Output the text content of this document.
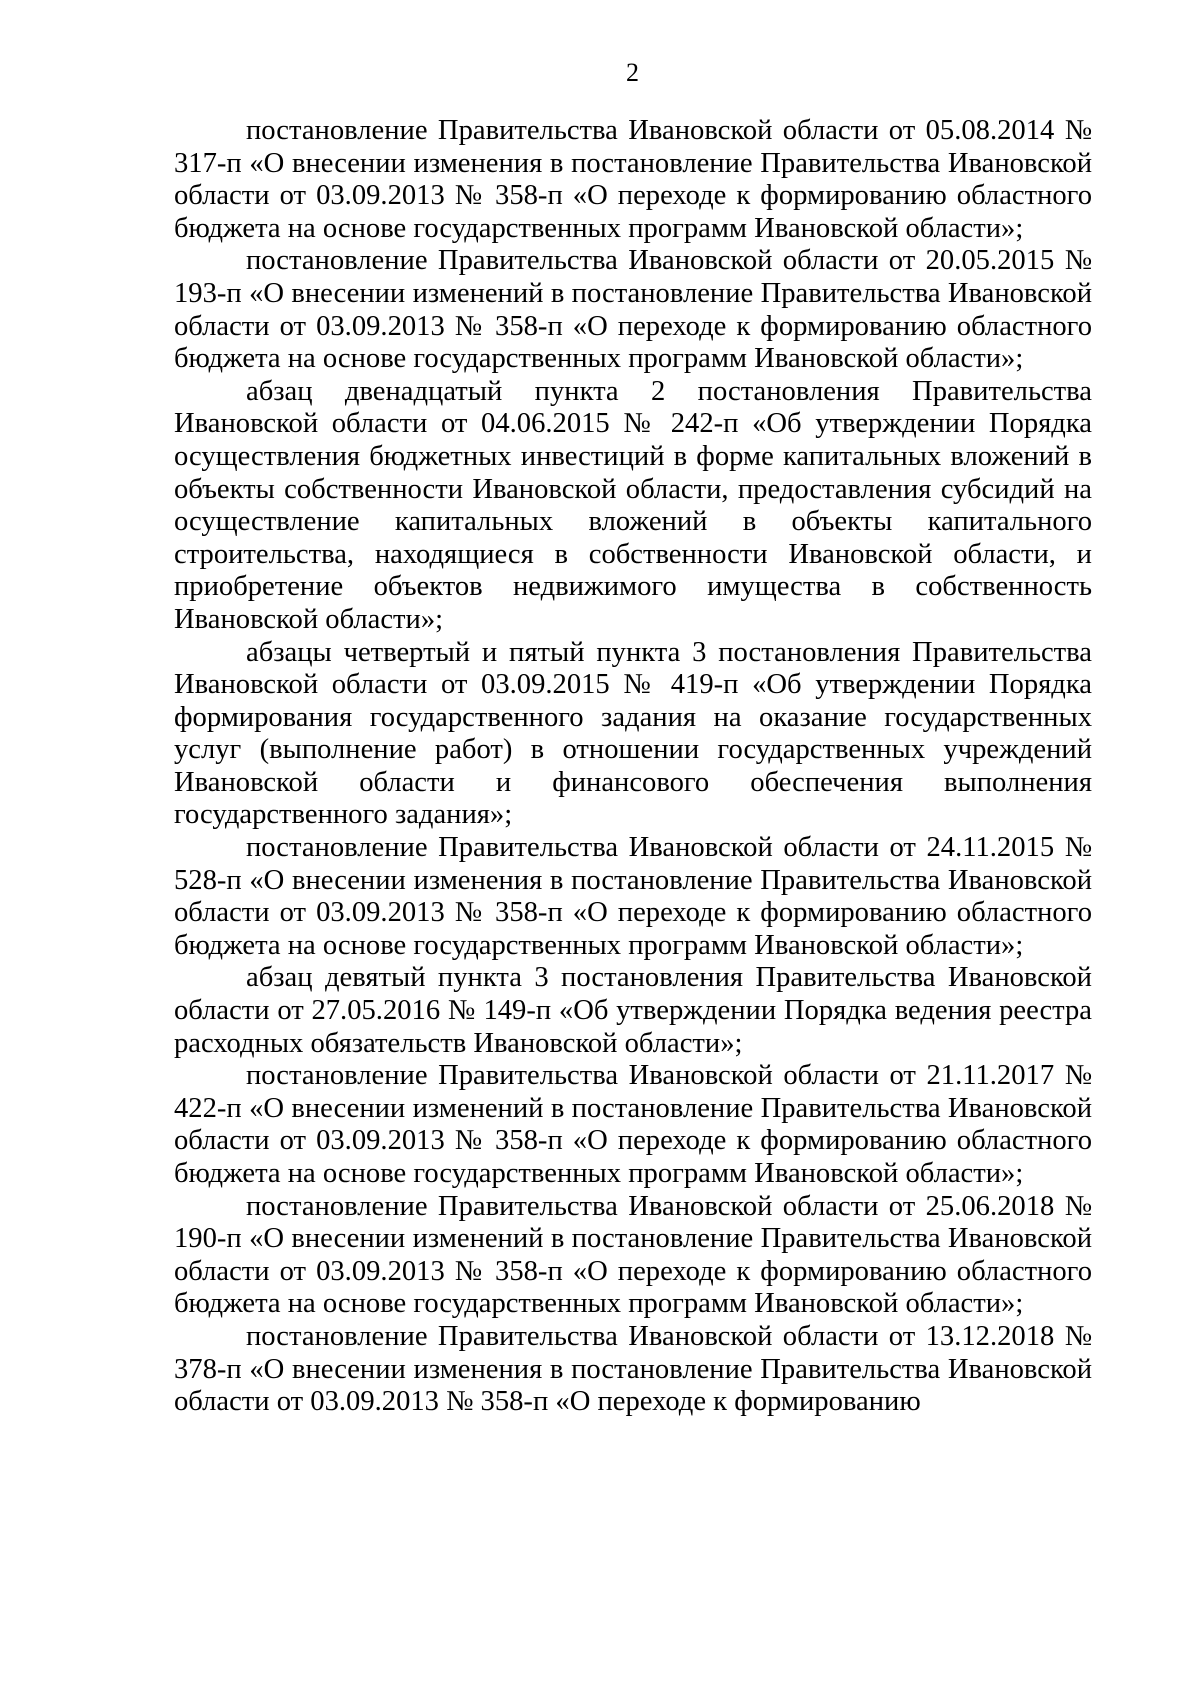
2

постановление Правительства Ивановской области от 05.08.2014 № 317-п «О внесении изменения в постановление Правительства Ивановской области от 03.09.2013 № 358-п «О переходе к формированию областного бюджета на основе государственных программ Ивановской области»;

постановление Правительства Ивановской области от 20.05.2015 № 193-п «О внесении изменений в постановление Правительства Ивановской области от 03.09.2013 № 358-п «О переходе к формированию областного бюджета на основе государственных программ Ивановской области»;

абзац двенадцатый пункта 2 постановления Правительства Ивановской области от 04.06.2015 № 242-п «Об утверждении Порядка осуществления бюджетных инвестиций в форме капитальных вложений в объекты собственности Ивановской области, предоставления субсидий на осуществление капитальных вложений в объекты капитального строительства, находящиеся в собственности Ивановской области, и приобретение объектов недвижимого имущества в собственность Ивановской области»;

абзацы четвертый и пятый пункта 3 постановления Правительства Ивановской области от 03.09.2015 № 419-п «Об утверждении Порядка формирования государственного задания на оказание государственных услуг (выполнение работ) в отношении государственных учреждений Ивановской области и финансового обеспечения выполнения государственного задания»;

постановление Правительства Ивановской области от 24.11.2015 № 528-п «О внесении изменения в постановление Правительства Ивановской области от 03.09.2013 № 358-п «О переходе к формированию областного бюджета на основе государственных программ Ивановской области»;

абзац девятый пункта 3 постановления Правительства Ивановской области от 27.05.2016 № 149-п «Об утверждении Порядка ведения реестра расходных обязательств Ивановской области»;

постановление Правительства Ивановской области от 21.11.2017 № 422-п «О внесении изменений в постановление Правительства Ивановской области от 03.09.2013 № 358-п «О переходе к формированию областного бюджета на основе государственных программ Ивановской области»;

постановление Правительства Ивановской области от 25.06.2018 № 190-п «О внесении изменений в постановление Правительства Ивановской области от 03.09.2013 № 358-п «О переходе к формированию областного бюджета на основе государственных программ Ивановской области»;

постановление Правительства Ивановской области от 13.12.2018 № 378-п «О внесении изменения в постановление Правительства Ивановской области от 03.09.2013 № 358-п «О переходе к формированию
